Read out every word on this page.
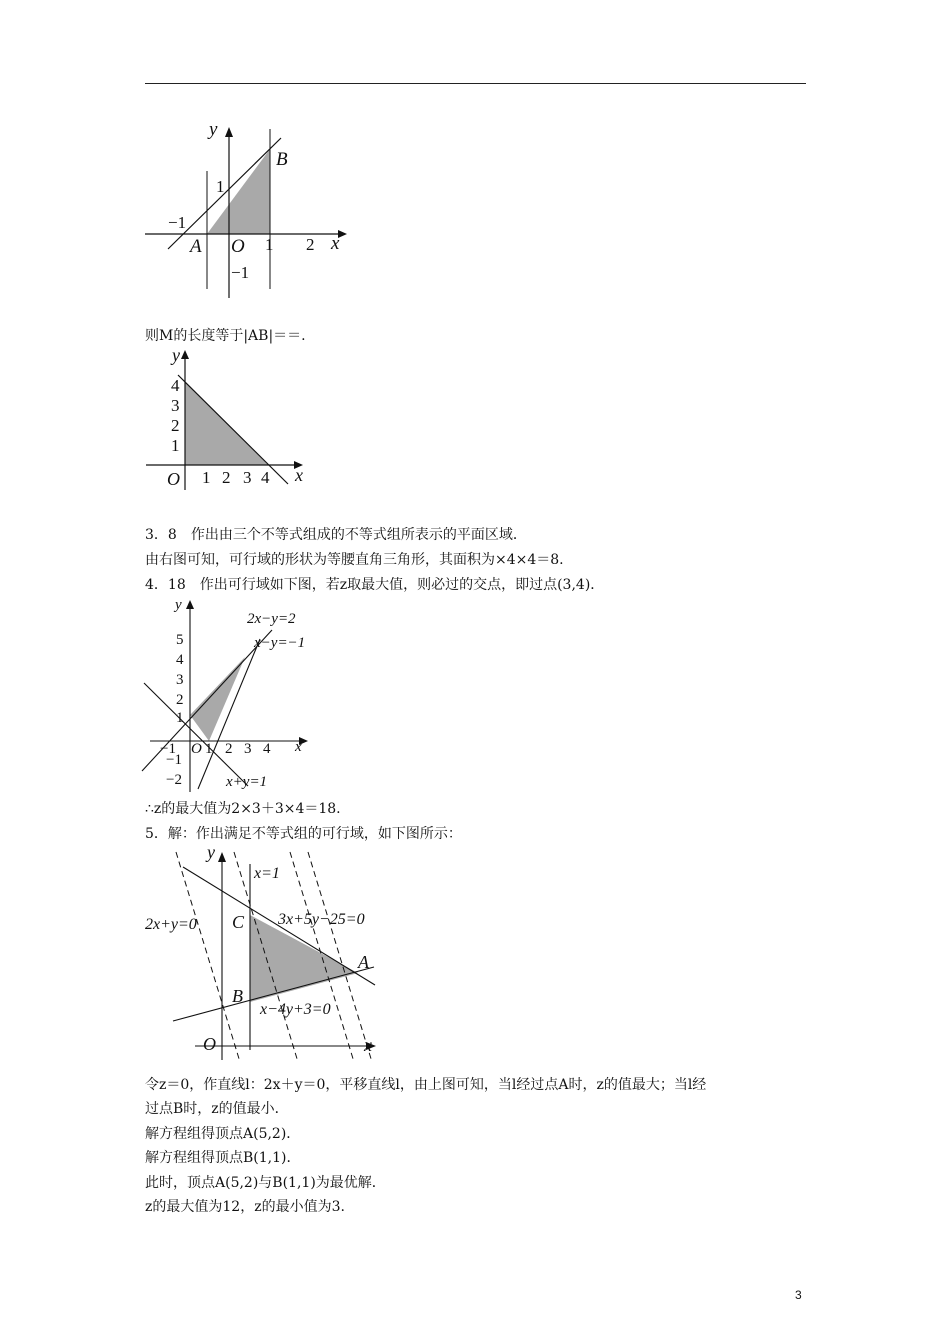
y
x
1
−1
A O 1 2
−1
B
则M的长度等于|AB|＝＝.
y
x
O
4
3
2
1
1 2 3 4
3．8　作出由三个不等式组成的不等式组所表示的平面区域．
由右图可知，可行域的形状为等腰直角三角形，其面积为×4×4＝8.
4．18　作出可行域如下图，若z取最大值，则必过的交点，即过点(3,4)．
y
x
2x−y=2
x−y=−1
x+y=1
5
4
3
2
1
−1 O 1 2 3 4
−1
−2
∴z的最大值为2×3＋3×4＝18.
5．解：作出满足不等式组的可行域，如下图所示：
y
x
O
x=1
2x+y=0	3x+5y−25=0
x−4y+3=0
C
B
A
令z＝0，作直线l：2x＋y＝0，平移直线l，由上图可知，当l经过点A时，z的值最大；当l经
过点B时，z的值最小．
解方程组得顶点A(5,2)．
解方程组得顶点B(1,1)．
此时，顶点A(5,2)与B(1,1)为最优解．
z的最大值为12，z的最小值为3.
3
